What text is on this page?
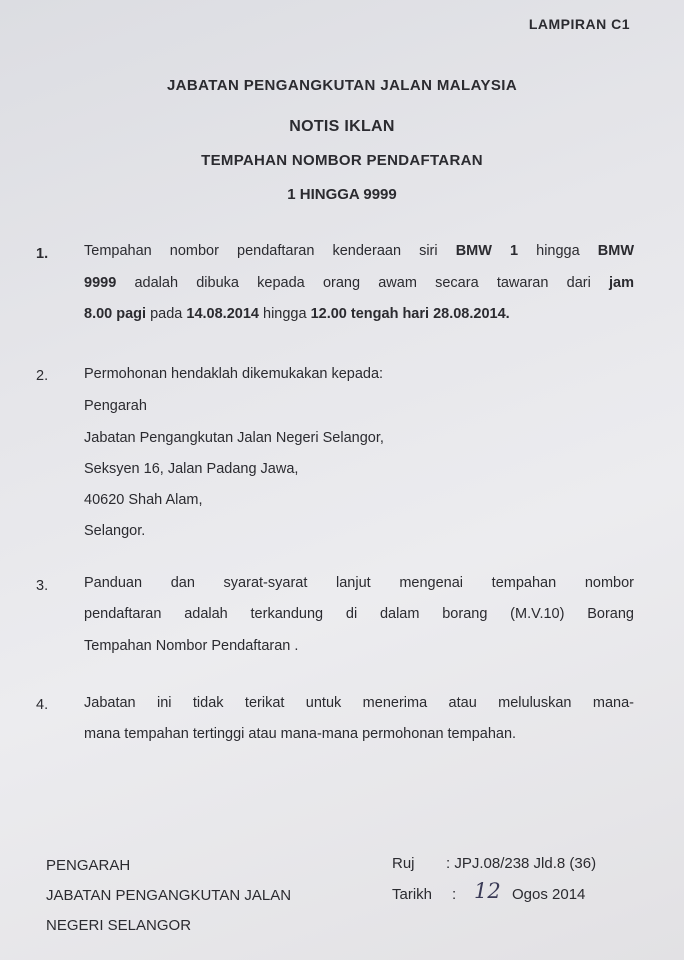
LAMPIRAN C1
JABATAN PENGANGKUTAN JALAN MALAYSIA
NOTIS IKLAN
TEMPAHAN NOMBOR PENDAFTARAN
1 HINGGA 9999
1. Tempahan nombor pendaftaran kenderaan siri BMW 1 hingga BMW
9999 adalah dibuka kepada orang awam secara tawaran dari jam
8.00 pagi pada 14.08.2014 hingga 12.00 tengah hari 28.08.2014.
2. Permohonan hendaklah dikemukakan kepada:
Pengarah
Jabatan Pengangkutan Jalan Negeri Selangor,
Seksyen 16, Jalan Padang Jawa,
40620 Shah Alam,
Selangor.
3. Panduan dan syarat-syarat lanjut mengenai tempahan nombor
pendaftaran adalah terkandung di dalam borang (M.V.10) Borang
Tempahan Nombor Pendaftaran .
4. Jabatan ini tidak terikat untuk menerima atau meluluskan mana-
mana tempahan tertinggi atau mana-mana permohonan tempahan.
PENGARAH
JABATAN PENGANGKUTAN JALAN
NEGERI SELANGOR
Ruj : JPJ.08/238 Jld.8 (36)
Tarikh : 12 Ogos 2014
